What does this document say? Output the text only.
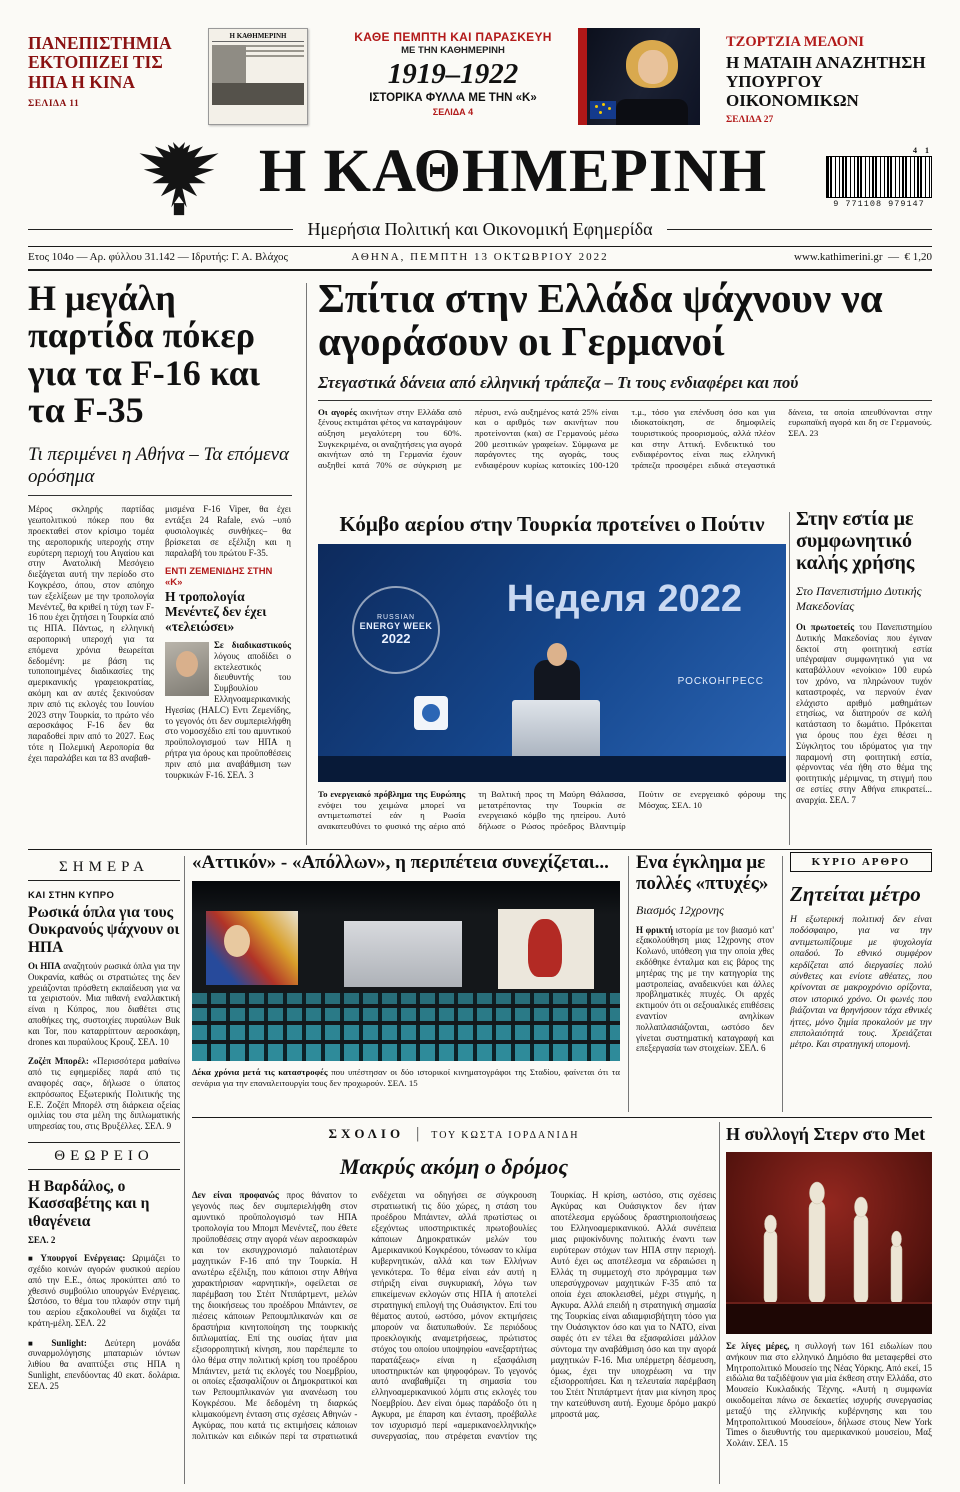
ΠΑΝΕΠΙΣΤΗΜΙΑ ΕΚΤΟΠΙΖΕΙ ΤΙΣ ΗΠΑ Η ΚΙΝΑ
ΣΕΛΙΔΑ 11
Η ΚΑΘΗΜΕΡΙΝΗ	ΚΑΘΕ ΠΕΜΠΤΗ ΚΑΙ ΠΑΡΑΣΚΕΥΗ
ΜΕ ΤΗΝ ΚΑΘΗΜΕΡΙΝΗ
1919–1922
ΙΣΤΟΡΙΚΑ ΦΥΛΛΑ ΜΕ ΤΗΝ «Κ»
ΣΕΛΙΔΑ 4
ΤΖΟΡΤΖΙΑ ΜΕΛΟΝΙ
Η ΜΑΤΑΙΗ ΑΝΑΖΗΤΗΣΗ ΥΠΟΥΡΓΟΥ ΟΙΚΟΝΟΜΙΚΩΝ
ΣΕΛΙΔΑ 27
Η ΚΑΘΗΜΕΡΙΝΗ	4 1
9 771108 979147
Ημερήσια Πολιτική και Οικονομική Εφημερίδα
Ετος 104ο — Αρ. φύλλου 31.142 — Ιδρυτής: Γ. Α. Βλάχος	ΑΘΗΝΑ, ΠΕΜΠΤΗ 13 ΟΚΤΩΒΡΙΟΥ 2022	www.kathimerini.gr  —  € 1,20
Η μεγάλη παρτίδα πόκερ για τα F-16 και τα F-35
Τι περιμένει η Αθήνα – Τα επόμενα ορόσημα
Μέρος σκληρής παρτίδας γεωπολιτικού πόκερ που θα προεκταθεί στον κρίσιμο τομέα της αεροπορικής υπεροχής στην ευρύτερη περιοχή του Αιγαίου και στην Ανατολική Μεσόγειο διεξάγεται αυτή την περίοδο στο Κογκρέσο, όπου, στον απόηχο των εξελίξεων με την τροπολογία Μενέντεζ, θα κριθεί η τύχη των F-16 που έχει ζητήσει η Τουρκία από τις ΗΠΑ. Πάντως, η ελληνική αεροπορική υπεροχή για τα επόμενα χρόνια θεωρείται δεδομένη: με βάση τις τυποποιημένες διαδικασίες της αμερικανικής γραφειοκρατίας, ακόμη και αν αυτές ξεκινούσαν πριν από τις εκλογές του Ιουνίου 2023 στην Τουρκία, το πρώτο νέο αεροσκάφος F-16 δεν θα παραδοθεί πριν από το 2027. Εως τότε η Πολεμική Αεροπορία θα έχει παραλάβει και τα 83 αναβαθ-
μισμένα F-16 Viper, θα έχει εντάξει 24 Rafale, ενώ –υπό φυσιολογικές συνθήκες– θα βρίσκεται σε εξέλιξη και η παραλαβή του πρώτου F-35.
ΕΝΤΙ ΖΕΜΕΝΙΔΗΣ ΣΤΗΝ «Κ»
Η τροπολογία Μενέντεζ δεν έχει «τελειώσει»
Σε διαδικαστικούς λόγους αποδίδει ο εκτελεστικός διευθυντής του Συμβουλίου Ελληνοαμερικανικής Ηγεσίας (HALC) Εντι Ζεμενίδης, το γεγονός ότι δεν συμπεριελήφθη στο νομοσχέδιο επί του αμυντικού προϋπολογισμού των ΗΠΑ η ρήτρα για όρους και προϋποθέσεις πριν από μια αναβάθμιση των τουρκικών F-16. ΣΕΛ. 3
Σπίτια στην Ελλάδα ψάχνουν να αγοράσουν οι Γερμανοί
Στεγαστικά δάνεια από ελληνική τράπεζα – Τι τους ενδιαφέρει και πού
Οι αγορές ακινήτων στην Ελλάδα από ξένους εκτιμάται φέτος να καταγράψουν αύξηση μεγαλύτερη του 60%. Συγκεκριμένα, οι αναζητήσεις για αγορά ακινήτων από τη Γερμανία έχουν αυξηθεί κατά 70% σε σύγκριση με πέρυσι, ενώ αυξημένος κατά 25% είναι και ο αριθμός των ακινήτων που προτείνονται (και) σε Γερμανούς μέσω 200 μεσιτικών γραφείων. Σύμφωνα με παράγοντες της αγοράς, τους ενδιαφέρουν κυρίως κατοικίες 100-120 τ.μ., τόσο για επένδυση όσο και για ιδιοκατοίκηση, σε δημοφιλείς τουριστικούς προορισμούς, αλλά πλέον και στην Αττική. Ενδεικτικό του ενδιαφέροντος είναι πως ελληνική τράπεζα προσφέρει ειδικά στεγαστικά δάνεια, τα οποία απευθύνονται στην ευρωπαϊκή αγορά και δη σε Γερμανούς. ΣΕΛ. 23
Κόμβο αερίου στην Τουρκία προτείνει ο Πούτιν
Неделя 2022
RUSSIAN
ENERGY WEEK
2022
РОСКОНГРЕСС
Το ενεργειακό πρόβλημα της Ευρώπης ενόψει του χειμώνα μπορεί να αντιμετωπιστεί εάν η Ρωσία ανακατευθύνει το φυσικό της αέριο από τη Βαλτική προς τη Μαύρη Θάλασσα, μετατρέποντας την Τουρκία σε ενεργειακό κόμβο της ηπείρου. Αυτό δήλωσε ο Ρώσος πρόεδρος Βλαντιμίρ Πούτιν σε ενεργειακό φόρουμ της Μόσχας. ΣΕΛ. 10
Στην εστία με συμφωνητικό καλής χρήσης
Στο Πανεπιστήμιο Δυτικής Μακεδονίας
Οι πρωτοετείς του Πανεπιστημίου Δυτικής Μακεδονίας που έγιναν δεκτοί στη φοιτητική εστία υπέγραψαν συμφωνητικό για να καταβάλλουν «ενοίκιο» 100 ευρώ τον χρόνο, να πληρώνουν τυχόν καταστροφές, να περνούν έναν ελάχιστο αριθμό μαθημάτων ετησίως, να διατηρούν σε καλή κατάσταση το δωμάτιο. Πρόκειται για όρους που έχει θέσει η Σύγκλητος του ιδρύματος για την παραμονή στη φοιτητική εστία, φέρνοντας νέα ήθη στο θέμα της φοιτητικής μέριμνας, τη στιγμή που σε εστίες στην Αθήνα επικρατεί... αναρχία. ΣΕΛ. 7
ΣΗΜΕΡΑ
ΚΑΙ ΣΤΗΝ ΚΥΠΡΟ
Ρωσικά όπλα για τους Ουκρανούς ψάχνουν οι ΗΠΑ

Οι ΗΠΑ αναζητούν ρωσικά όπλα για την Ουκρανία, καθώς οι στρατιώτες της δεν χρειάζονται πρόσθετη εκπαίδευση για να τα χειριστούν. Μια πιθανή εναλλακτική είναι η Κύπρος, που διαθέτει στις αποθήκες της, συστοιχίες πυραύλων Buk και Tor, που καταρρίπτουν αεροσκάφη, drones και πυραύλους Κρουζ. ΣΕΛ. 10

Ζοζέπ Μπορέλ: «Περισσότερα μαθαίνω από τις εφημερίδες παρά από τις αναφορές σας», δήλωσε ο ύπατος εκπρόσωπος Εξωτερικής Πολιτικής της Ε.Ε. Ζοζέπ Μπορέλ στη διάρκεια οξείας ομιλίας του στα μέλη της διπλωματικής υπηρεσίας του, στις Βρυξέλλες. ΣΕΛ. 9

ΘΕΩΡΕΙΟ
Η Βαρδάλος, ο Κασσαβέτης και η ιθαγένεια
ΣΕΛ. 2

■ Υπουργοί Ενέργειας: Ωριμάζει το σχέδιο κοινών αγορών φυσικού αερίου από την Ε.Ε., όπως προκύπτει από το χθεσινό συμβούλιο υπουργών Ενέργειας. Ωστόσο, το θέμα του πλαφόν στην τιμή του αερίου εξακολουθεί να διχάζει τα κράτη-μέλη. ΣΕΛ. 22

■ Sunlight: Δεύτερη μονάδα συναρμολόγησης μπαταριών ιόντων λιθίου θα αναπτύξει στις ΗΠΑ η Sunlight, επενδύοντας 40 εκατ. δολάρια. ΣΕΛ. 25

«Αττικόν» - «Απόλλων», η περιπέτεια συνεχίζεται...
Δέκα χρόνια μετά τις καταστροφές που υπέστησαν οι δύο ιστορικοί κινηματογράφοι της Σταδίου, φαίνεται ότι τα σενάρια για την επαναλειτουργία τους δεν προχωρούν. ΣΕΛ. 15
Ενα έγκλημα με πολλές «πτυχές»
Βιασμός 12χρονης
Η φρικτή ιστορία με τον βιασμό κατ' εξακολούθηση μιας 12χρονης στον Κολωνό, υπόθεση για την οποία χθες εκδόθηκε ένταλμα και εις βάρος της μητέρας της με την κατηγορία της μαστροπείας, αναδεικνύει και άλλες προβληματικές πτυχές. Οι αρχές εκτιμούν ότι οι σεξουαλικές επιθέσεις εναντίον ανηλίκων πολλαπλασιάζονται, ωστόσο δεν γίνεται συστηματική καταγραφή και επεξεργασία των στοιχείων. ΣΕΛ. 6
ΚΥΡΙΟ ΑΡΘΡΟ
Ζητείται μέτρο
Η εξωτερική πολιτική δεν είναι ποδόσφαιρο, για να την αντιμετωπίζουμε με ψυχολογία οπαδού. Το εθνικό συμφέρον κερδίζεται από διεργασίες πολύ σύνθετες και ενίοτε αθέατες, που κρίνονται σε μακροχρόνιο ορίζοντα, στον ιστορικό χρόνο. Οι φωνές που βιάζονται να θρηνήσουν τάχα εθνικές ήττες, μόνο ζημία προκαλούν με την επιπολαιότητά τους. Χρειάζεται μέτρο. Και στρατηγική υπομονή.
ΣΧΟΛΙΟ | ΤΟΥ ΚΩΣΤΑ ΙΟΡΔΑΝΙΔΗ
Μακρύς ακόμη ο δρόμος
Δεν είναι προφανώς προς θάνατον το γεγονός πως δεν συμπεριελήφθη στον αμυντικό προϋπολογισμό των ΗΠΑ τροπολογία του Μπομπ Μενέντεζ, που έθετε προϋποθέσεις στην αγορά νέων αεροσκαφών και τον εκσυγχρονισμό παλαιοτέρων μαχητικών F-16 από την Τουρκία. Η ανωτέρω εξέλιξη, που κάποιοι στην Αθήνα χαρακτήρισαν «αρνητική», οφείλεται σε παρέμβαση του Στέιτ Ντιπάρτμεντ, μελών της διοικήσεως του προέδρου Μπάιντεν, σε πιέσεις κάποιων Ρεπουμπλικανών και σε δραστήρια κινητοποίηση της τουρκικής διπλωματίας. Επί της ουσίας ήταν μια εξισορροπητική κίνηση, που παρέπεμπε το όλο θέμα στην πολιτική κρίση του προέδρου Μπάιντεν, μετά τις εκλογές του Νοεμβρίου, οι οποίες εξασφαλίζουν οι Δημοκρατικοί και των Ρεπουμπλικανών για ανανέωση του Κογκρέσου. Με δεδομένη τη διαρκώς κλιμακούμενη ένταση στις σχέσεις Αθηνών - Αγκύρας, που κατά τις εκτιμήσεις κάποιων πολιτικών και ειδικών περί τα στρατιωτικά ενδέχεται να οδηγήσει σε σύγκρουση στρατιωτική τις δύο χώρες, η στάση του προέδρου Μπάιντεν, αλλά πρωτίστως οι εξεχόντως υποστηρικτικές πρωτοβουλίες κάποιων Δημοκρατικών μελών του Αμερικανικού Κογκρέσου, τόνωσαν το κλίμα κυβερνητικών, αλλά και των Ελλήνων γενικότερα. Το θέμα είναι εάν αυτή η στήριξη είναι συγκυριακή, λόγω των επικείμενων εκλογών στις ΗΠΑ ή αποτελεί στρατηγική επιλογή της Ουάσιγκτον. Επί του θέματος αυτού, ωστόσο, μόνον εκτιμήσεις μπορούν να διατυπωθούν. Σε περιόδους προεκλογικής αναμετρήσεως, πρώτιστος στόχος του οποίου υποψηφίου «ανεξαρτήτως παρατάξεως» είναι η εξασφάλιση υποστηρικτών και ψηφοφόρων. Το γεγονός αυτό αναβαθμίζει τη σημασία του ελληνοαμερικανικού λόμπι στις εκλογές του Νοεμβρίου. Δεν είναι όμως παράδοξο ότι η Αγκυρα, με έπαρση και ένταση, προέβαλλε τον ισχυρισμό περί «αμερικανοελληνικής» συνεργασίας, που στρέφεται εναντίον της Τουρκίας. Η κρίση, ωστόσο, στις σχέσεις Αγκύρας και Ουάσιγκτον δεν ήταν αποτέλεσμα εργώδους δραστηριοποιήσεως του Ελληνοαμερικανικού. Αλλά συνέπεια μιας ριψοκίνδυνης πολιτικής έναντι των ευρύτερων στόχων των ΗΠΑ στην περιοχή. Αυτό έχει ως αποτέλεσμα να εδραιώσει η Ελλάς τη συμμετοχή στο πρόγραμμα των υπερσύγχρονων μαχητικών F-35 από τα οποία έχει αποκλεισθεί, μέχρι στιγμής, η Αγκυρα. Αλλά επειδή η στρατηγική σημασία της Τουρκίας είναι αδιαμφισβήτητη τόσο για την Ουάσιγκτον όσο και για το ΝΑΤΟ, είναι σαφές ότι εν τέλει θα εξασφαλίσει μάλλον σύντομα την αναβάθμιση όσο και την αγορά μαχητικών F-16. Μια υπέρμετρη δέσμευση, όμως, έχει την υποχρέωση να την εξισορροπήσει. Και η τελευταία παρέμβαση του Στέιτ Ντιπάρτμεντ ήταν μια κίνηση προς την κατεύθυνση αυτή. Εχουμε δρόμο μακρύ μπροστά μας.
Η συλλογή Στερν στο Met
Σε λίγες μέρες, η συλλογή των 161 ειδωλίων που ανήκουν πια στο ελληνικό Δημόσιο θα μεταφερθεί στο Μητροπολιτικό Μουσείο της Νέας Υόρκης. Από εκεί, 15 ειδώλια θα ταξιδέψουν για μία έκθεση στην Ελλάδα, στο Μουσείο Κυκλαδικής Τέχνης. «Αυτή η συμφωνία οικοδομείται πάνω σε δεκαετίες ισχυρής συνεργασίας μεταξύ της ελληνικής κυβέρνησης και του Μητροπολιτικού Μουσείου», δήλωσε στους New York Times ο διευθυντής του αμερικανικού μουσείου, Μαξ Χολάιν. ΣΕΛ. 15
